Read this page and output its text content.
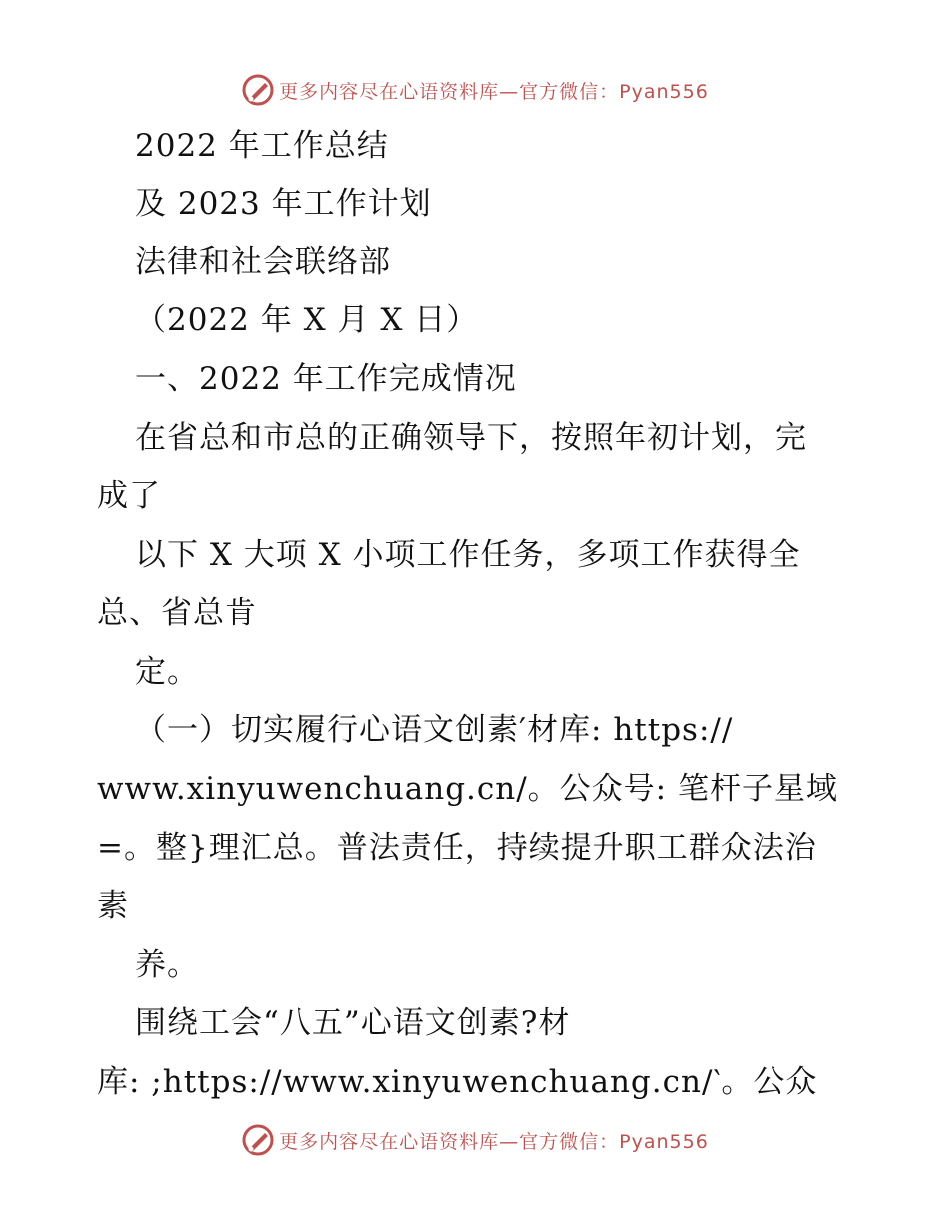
更多内容尽在心语资料库—官方微信：Pyan556
2022 年工作总结
及 2023 年工作计划
法律和社会联络部
（2022 年 X 月 X 日）
一、2022 年工作完成情况
在省总和市总的正确领导下，按照年初计划，完
成了
以下 X 大项 X 小项工作任务，多项工作获得全
总、省总肯
定。
（一）切实履行心语文创素′材库: https://
www.xinyuwenchuang.cn/。公众号: 笔杆子星域
=。整}理汇总。普法责任，持续提升职工群众法治
素
养。
围绕工会“八五”心语文创素?材
库: ;https://www.xinyuwenchuang.cn/‵。公众
更多内容尽在心语资料库—官方微信：Pyan556
